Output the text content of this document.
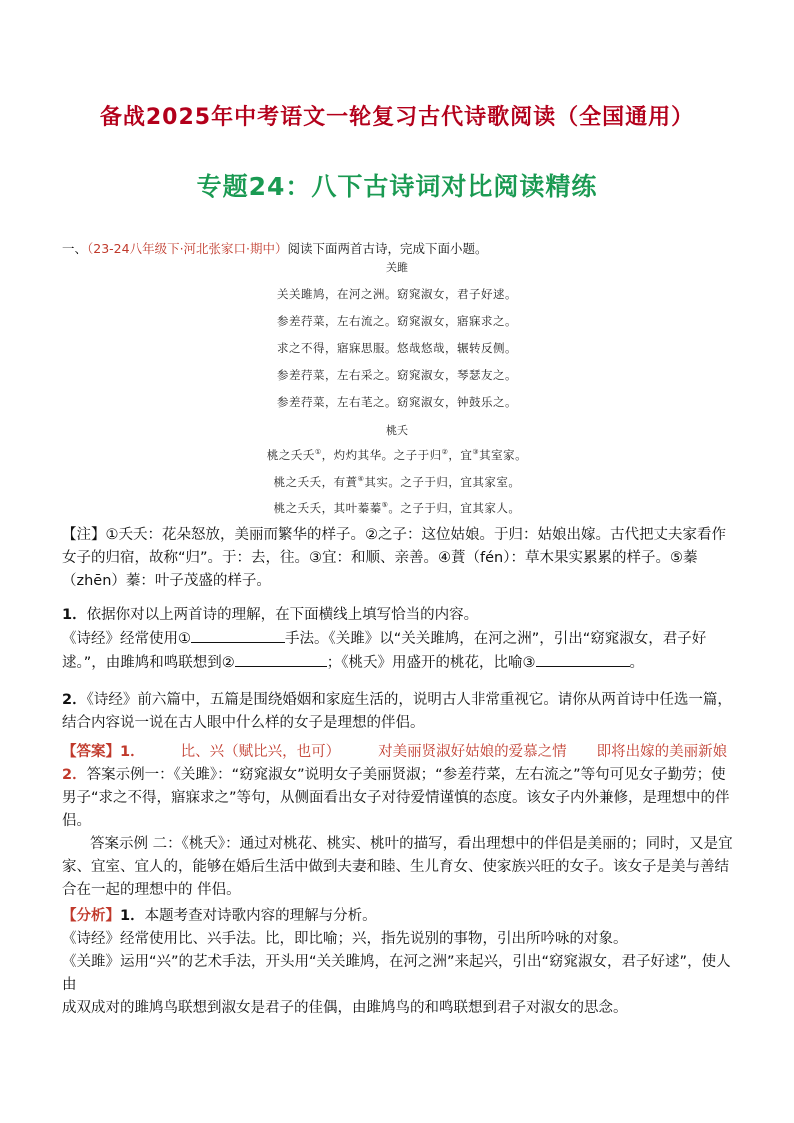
备战2025年中考语文一轮复习古代诗歌阅读（全国通用）
专题24：八下古诗词对比阅读精练
一、（23-24八年级下·河北张家口·期中）阅读下面两首古诗，完成下面小题。
关雎
关关雎鸠，在河之洲。窈窕淑女，君子好逑。
参差荇菜，左右流之。窈窕淑女，寤寐求之。
求之不得，寤寐思服。悠哉悠哉，辗转反侧。
参差荇菜，左右采之。窈窕淑女，琴瑟友之。
参差荇菜，左右芼之。窈窕淑女，钟鼓乐之。
桃夭
桃之夭夭①，灼灼其华。之子于归②，宜③其室家。
桃之夭夭，有蕡④其实。之子于归，宜其家室。
桃之夭夭，其叶蓁蓁⑤。之子于归，宜其家人。
【注】①夭夭：花朵怒放，美丽而繁华的样子。②之子：这位姑娘。于归：姑娘出嫁。古代把丈夫家看作
女子的归宿，故称“归”。于：去，往。③宜：和顺、亲善。④蕡（fén）：草木果实累累的样子。⑤蓁
（zhēn）蓁：叶子茂盛的样子。
1．依据你对以上两首诗的理解，在下面横线上填写恰当的内容。
《诗经》经常使用①	手法。《关雎》以“关关雎鸠，在河之洲”，引出“窈窕淑女，君子好
逑。”，由雎鸠和鸣联想到②	；《桃夭》用盛开的桃花，比喻③	。
2．《诗经》前六篇中，五篇是围绕婚姻和家庭生活的，说明古人非常重视它。请你从两首诗中任选一篇，
结合内容说一说在古人眼中什么样的女子是理想的伴侣。
【答案】1． 比、兴（赋比兴，也可）	对美丽贤淑好姑娘的爱慕之情 即将出嫁的美丽新娘
2．答案示例一：《关雎》：“窈窕淑女”说明女子美丽贤淑；“参差荇菜，左右流之”等句可见女子勤劳；使
男子“求之不得，寤寐求之”等句，从侧面看出女子对待爱情谨慎的态度。该女子内外兼修，是理想中的伴侣。
答案示例 二：《桃夭》：通过对桃花、桃实、桃叶的描写，看出理想中的伴侣是美丽的；同时，又是宜
家、宜室、宜人的，能够在婚后生活中做到夫妻和睦、生儿育女、使家族兴旺的女子。该女子是美与善结
合在一起的理想中的 伴侣。
【分析】1．本题考查对诗歌内容的理解与分析。
《诗经》经常使用比、兴手法。比，即比喻；兴，指先说别的事物，引出所吟咏的对象。
《关雎》运用“兴”的艺术手法，开头用“关关雎鸠，在河之洲”来起兴，引出“窈窕淑女，君子好逑”，使人由
成双成对的雎鸠鸟联想到淑女是君子的佳偶，由雎鸠鸟的和鸣联想到君子对淑女的思念。
